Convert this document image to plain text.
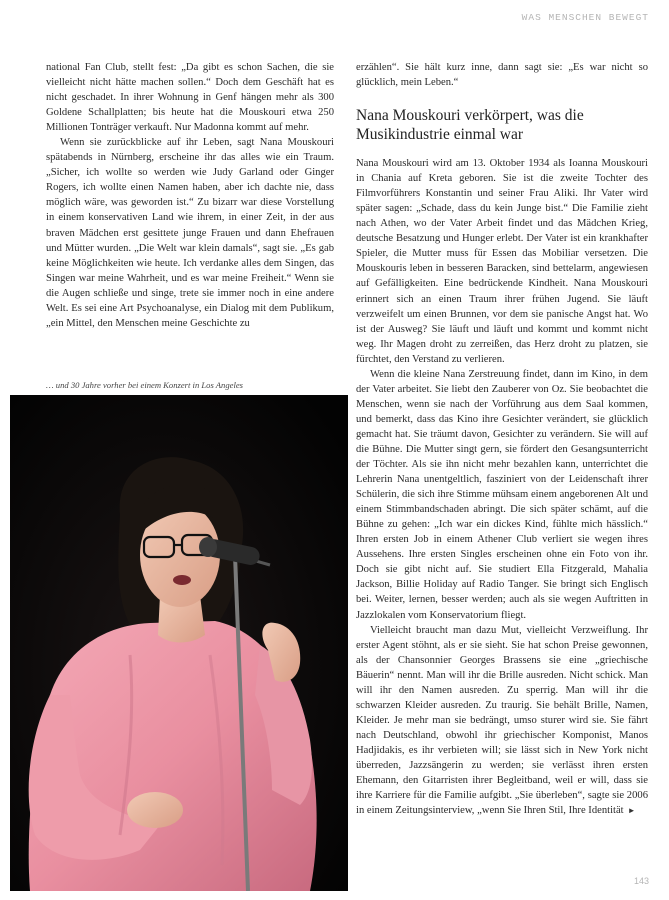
WAS MENSCHEN BEWEGT

national Fan Club, stellt fest: „Da gibt es schon Sachen, die sie vielleicht nicht hätte machen sollen.“ Doch dem Geschäft hat es nicht geschadet. In ihrer Wohnung in Genf hängen mehr als 300 Goldene Schallplatten; bis heute hat die Mouskouri etwa 250 Millionen Tonträger verkauft. Nur Madonna kommt auf mehr.

Wenn sie zurückblicke auf ihr Leben, sagt Nana Mouskouri spätabends in Nürnberg, erscheine ihr das alles wie ein Traum. „Sicher, ich wollte so werden wie Judy Garland oder Ginger Rogers, ich wollte einen Namen haben, aber ich dachte nie, dass möglich wäre, was geworden ist.“ Zu bizarr war diese Vorstellung in einem konservativen Land wie ihrem, in einer Zeit, in der aus braven Mädchen erst gesittete junge Frauen und dann Ehefrauen und Mütter wurden. „Die Welt war klein damals“, sagt sie. „Es gab keine Möglichkeiten wie heute. Ich verdanke alles dem Singen, das Singen war meine Wahrheit, und es war meine Freiheit.“ Wenn sie die Augen schließe und singe, trete sie immer noch in eine andere Welt. Es sei eine Art Psychoanalyse, ein Dialog mit dem Publikum, „ein Mittel, den Menschen meine Geschichte zu

… und 30 Jahre vorher bei einem Konzert in Los Angeles

erzählen“. Sie hält kurz inne, dann sagt sie: „Es war nicht so glücklich, mein Leben.“

Nana Mouskouri verkörpert, was die Musikindustrie einmal war

Nana Mouskouri wird am 13. Oktober 1934 als Ioanna Mouskouri in Chania auf Kreta geboren. Sie ist die zweite Tochter des Filmvorführers Konstantin und seiner Frau Aliki. Ihr Vater wird später sagen: „Schade, dass du kein Junge bist.“ Die Familie zieht nach Athen, wo der Vater Arbeit findet und das Mädchen Krieg, deutsche Besatzung und Hunger erlebt. Der Vater ist ein krankhafter Spieler, die Mutter muss für Essen das Mobiliar versetzen. Die Mouskouris leben in besseren Baracken, sind bettelarm, angewiesen auf Gefälligkeiten. Eine bedrückende Kindheit. Nana Mouskouri erinnert sich an einen Traum ihrer frühen Jugend. Sie läuft verzweifelt um einen Brunnen, vor dem sie panische Angst hat. Wo ist der Ausweg? Sie läuft und läuft und kommt und kommt nicht weg. Ihr Magen droht zu zerreißen, das Herz droht zu platzen, sie fürchtet, den Verstand zu verlieren.

Wenn die kleine Nana Zerstreuung findet, dann im Kino, in dem der Vater arbeitet. Sie liebt den Zauberer von Oz. Sie beobachtet die Menschen, wenn sie nach der Vorführung aus dem Saal kommen, und bemerkt, dass das Kino ihre Gesichter verändert, sie glücklich gemacht hat. Sie träumt davon, Gesichter zu verändern. Sie will auf die Bühne. Die Mutter singt gern, sie fördert den Gesangsunterricht der Töchter. Als sie ihn nicht mehr bezahlen kann, unterrichtet die Lehrerin Nana unentgeltlich, fasziniert von der Leidenschaft ihrer Schülerin, die sich ihre Stimme mühsam einem angeborenen Alt und einem Stimmbandschaden abringt. Die sich später schämt, auf die Bühne zu gehen: „Ich war ein dickes Kind, fühlte mich hässlich.“ Ihren ersten Job in einem Athener Club verliert sie wegen ihres Aussehens. Ihre ersten Singles erscheinen ohne ein Foto von ihr. Doch sie gibt nicht auf. Sie studiert Ella Fitzgerald, Mahalia Jackson, Billie Holiday auf Radio Tanger. Sie bringt sich Englisch bei. Weiter, lernen, besser werden; auch als sie wegen Auftritten in Jazzlokalen vom Konservatorium fliegt.

Vielleicht braucht man dazu Mut, vielleicht Verzweiflung. Ihr erster Agent stöhnt, als er sie sieht. Sie hat schon Preise gewonnen, als der Chansonnier Georges Brassens sie eine „griechische Bäuerin“ nennt. Man will ihr die Brille ausreden. Nicht schick. Man will ihr den Namen ausreden. Zu sperrig. Man will ihr die schwarzen Kleider ausreden. Zu traurig. Sie behält Brille, Namen, Kleider. Je mehr man sie bedrängt, umso sturer wird sie. Sie fährt nach Deutschland, obwohl ihr griechischer Komponist, Manos Hadjidakis, es ihr verbieten will; sie lässt sich in New York nicht überreden, Jazzsängerin zu werden; sie verlässt ihren ersten Ehemann, den Gitarristen ihrer Begleitband, weil er will, dass sie ihre Karriere für die Familie aufgibt. „Sie überleben“, sagte sie 2006 in einem Zeitungsinterview, „wenn Sie Ihren Stil, Ihre Identität ►

143
